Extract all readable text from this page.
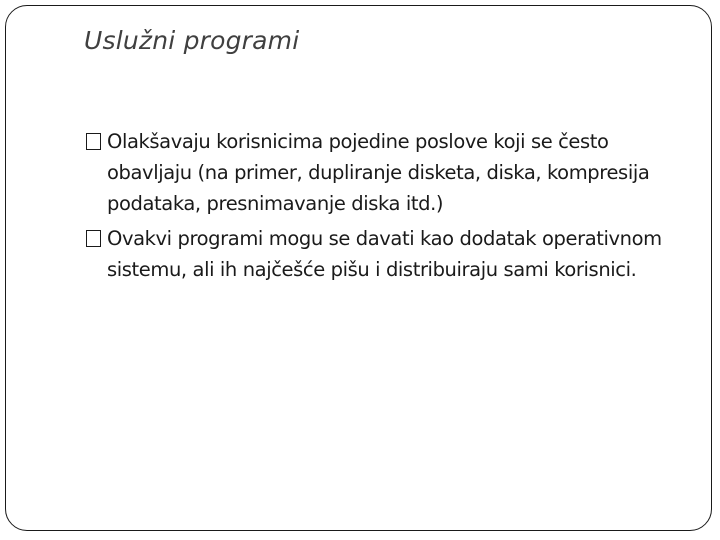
Uslužni programi
Olakšavaju korisnicima pojedine poslove koji se često obavljaju (na primer, dupliranje disketa, diska, kompresija podataka, presnimavanje diska itd.)
Ovakvi programi mogu se davati kao dodatak operativnom sistemu, ali ih najčešće pišu i distribuiraju sami korisnici.
